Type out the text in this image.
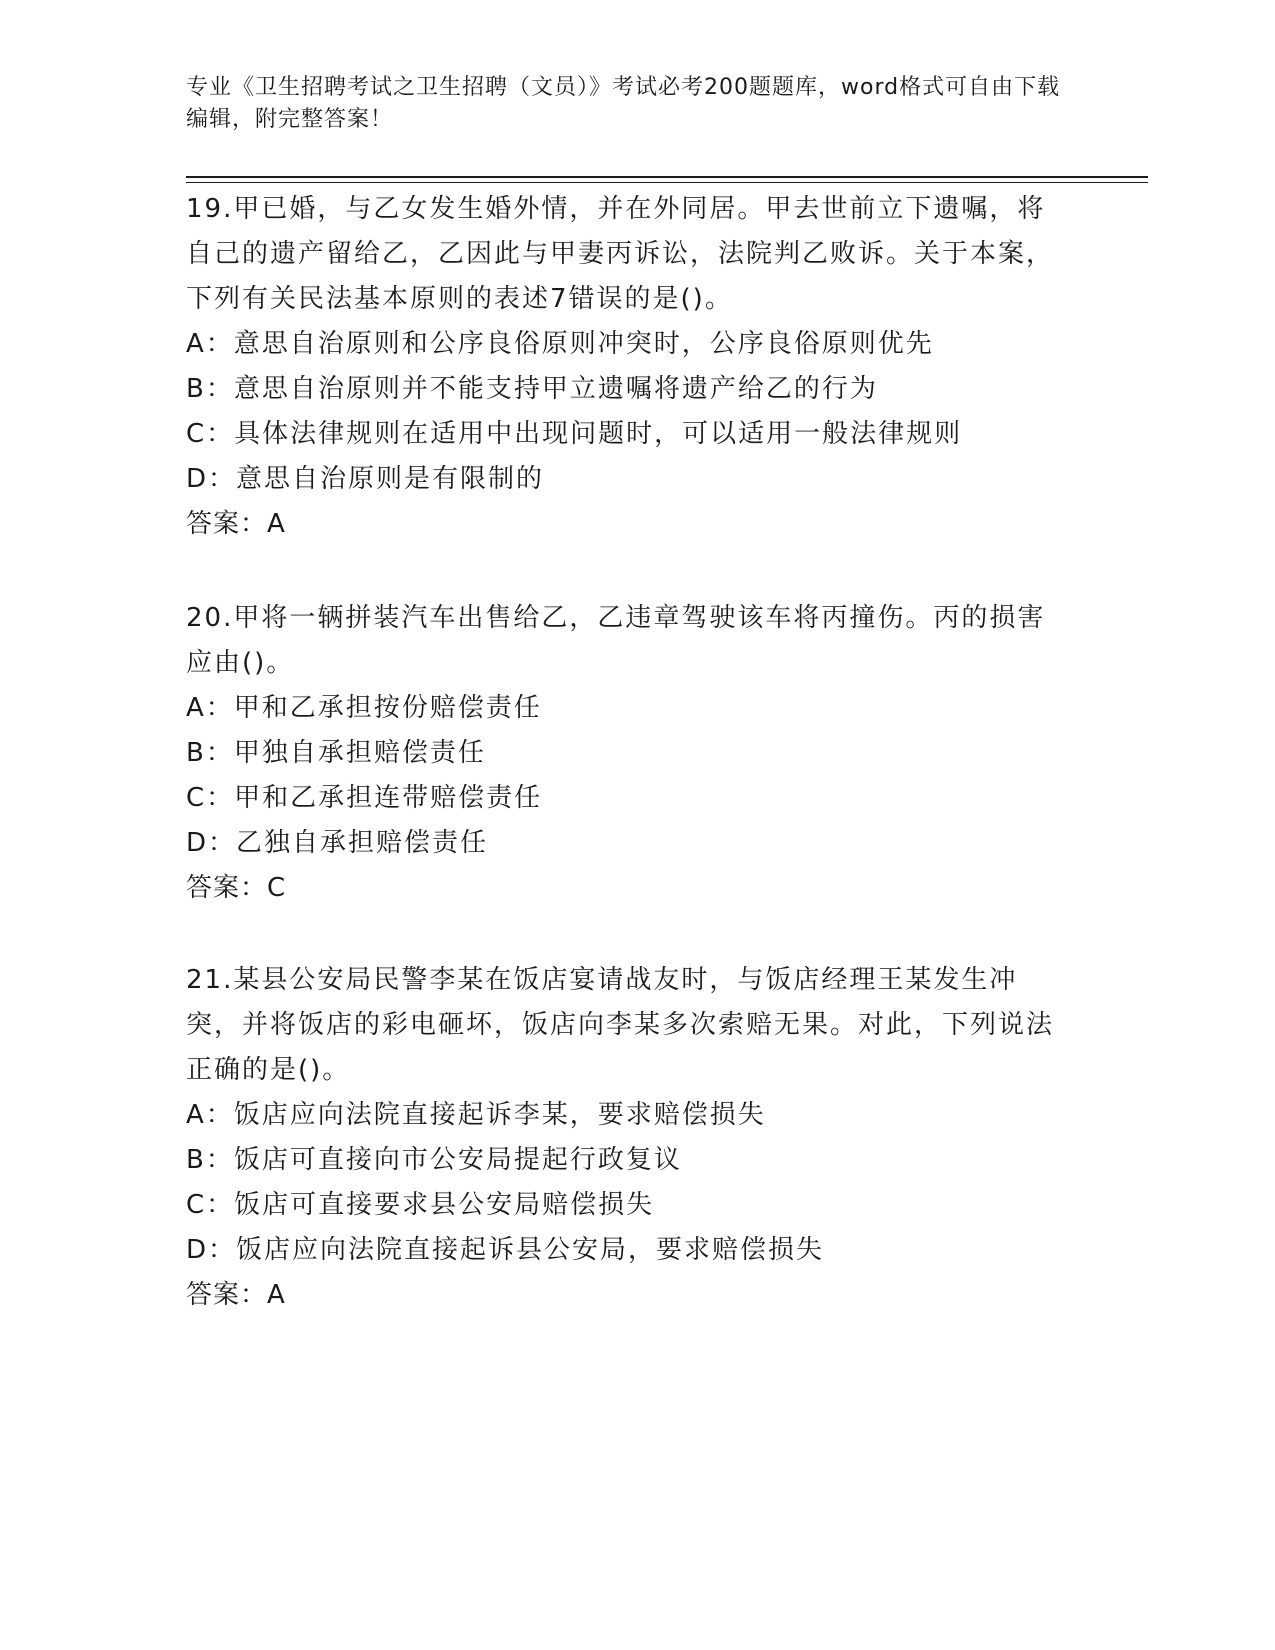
专业《卫生招聘考试之卫生招聘（文员）》考试必考200题题库，word格式可自由下载编辑，附完整答案！

19.甲已婚，与乙女发生婚外情，并在外同居。甲去世前立下遗嘱，将自己的遗产留给乙，乙因此与甲妻丙诉讼，法院判乙败诉。关于本案，下列有关民法基本原则的表述7错误的是()。

A：意思自治原则和公序良俗原则冲突时，公序良俗原则优先

B：意思自治原则并不能支持甲立遗嘱将遗产给乙的行为

C：具体法律规则在适用中出现问题时，可以适用一般法律规则

D：意思自治原则是有限制的

答案：A

20.甲将一辆拼装汽车出售给乙，乙违章驾驶该车将丙撞伤。丙的损害应由()。

A：甲和乙承担按份赔偿责任

B：甲独自承担赔偿责任

C：甲和乙承担连带赔偿责任

D：乙独自承担赔偿责任

答案：C

21.某县公安局民警李某在饭店宴请战友时，与饭店经理王某发生冲突，并将饭店的彩电砸坏，饭店向李某多次索赔无果。对此，下列说法正确的是()。

A：饭店应向法院直接起诉李某，要求赔偿损失

B：饭店可直接向市公安局提起行政复议

C：饭店可直接要求县公安局赔偿损失

D：饭店应向法院直接起诉县公安局，要求赔偿损失

答案：A
